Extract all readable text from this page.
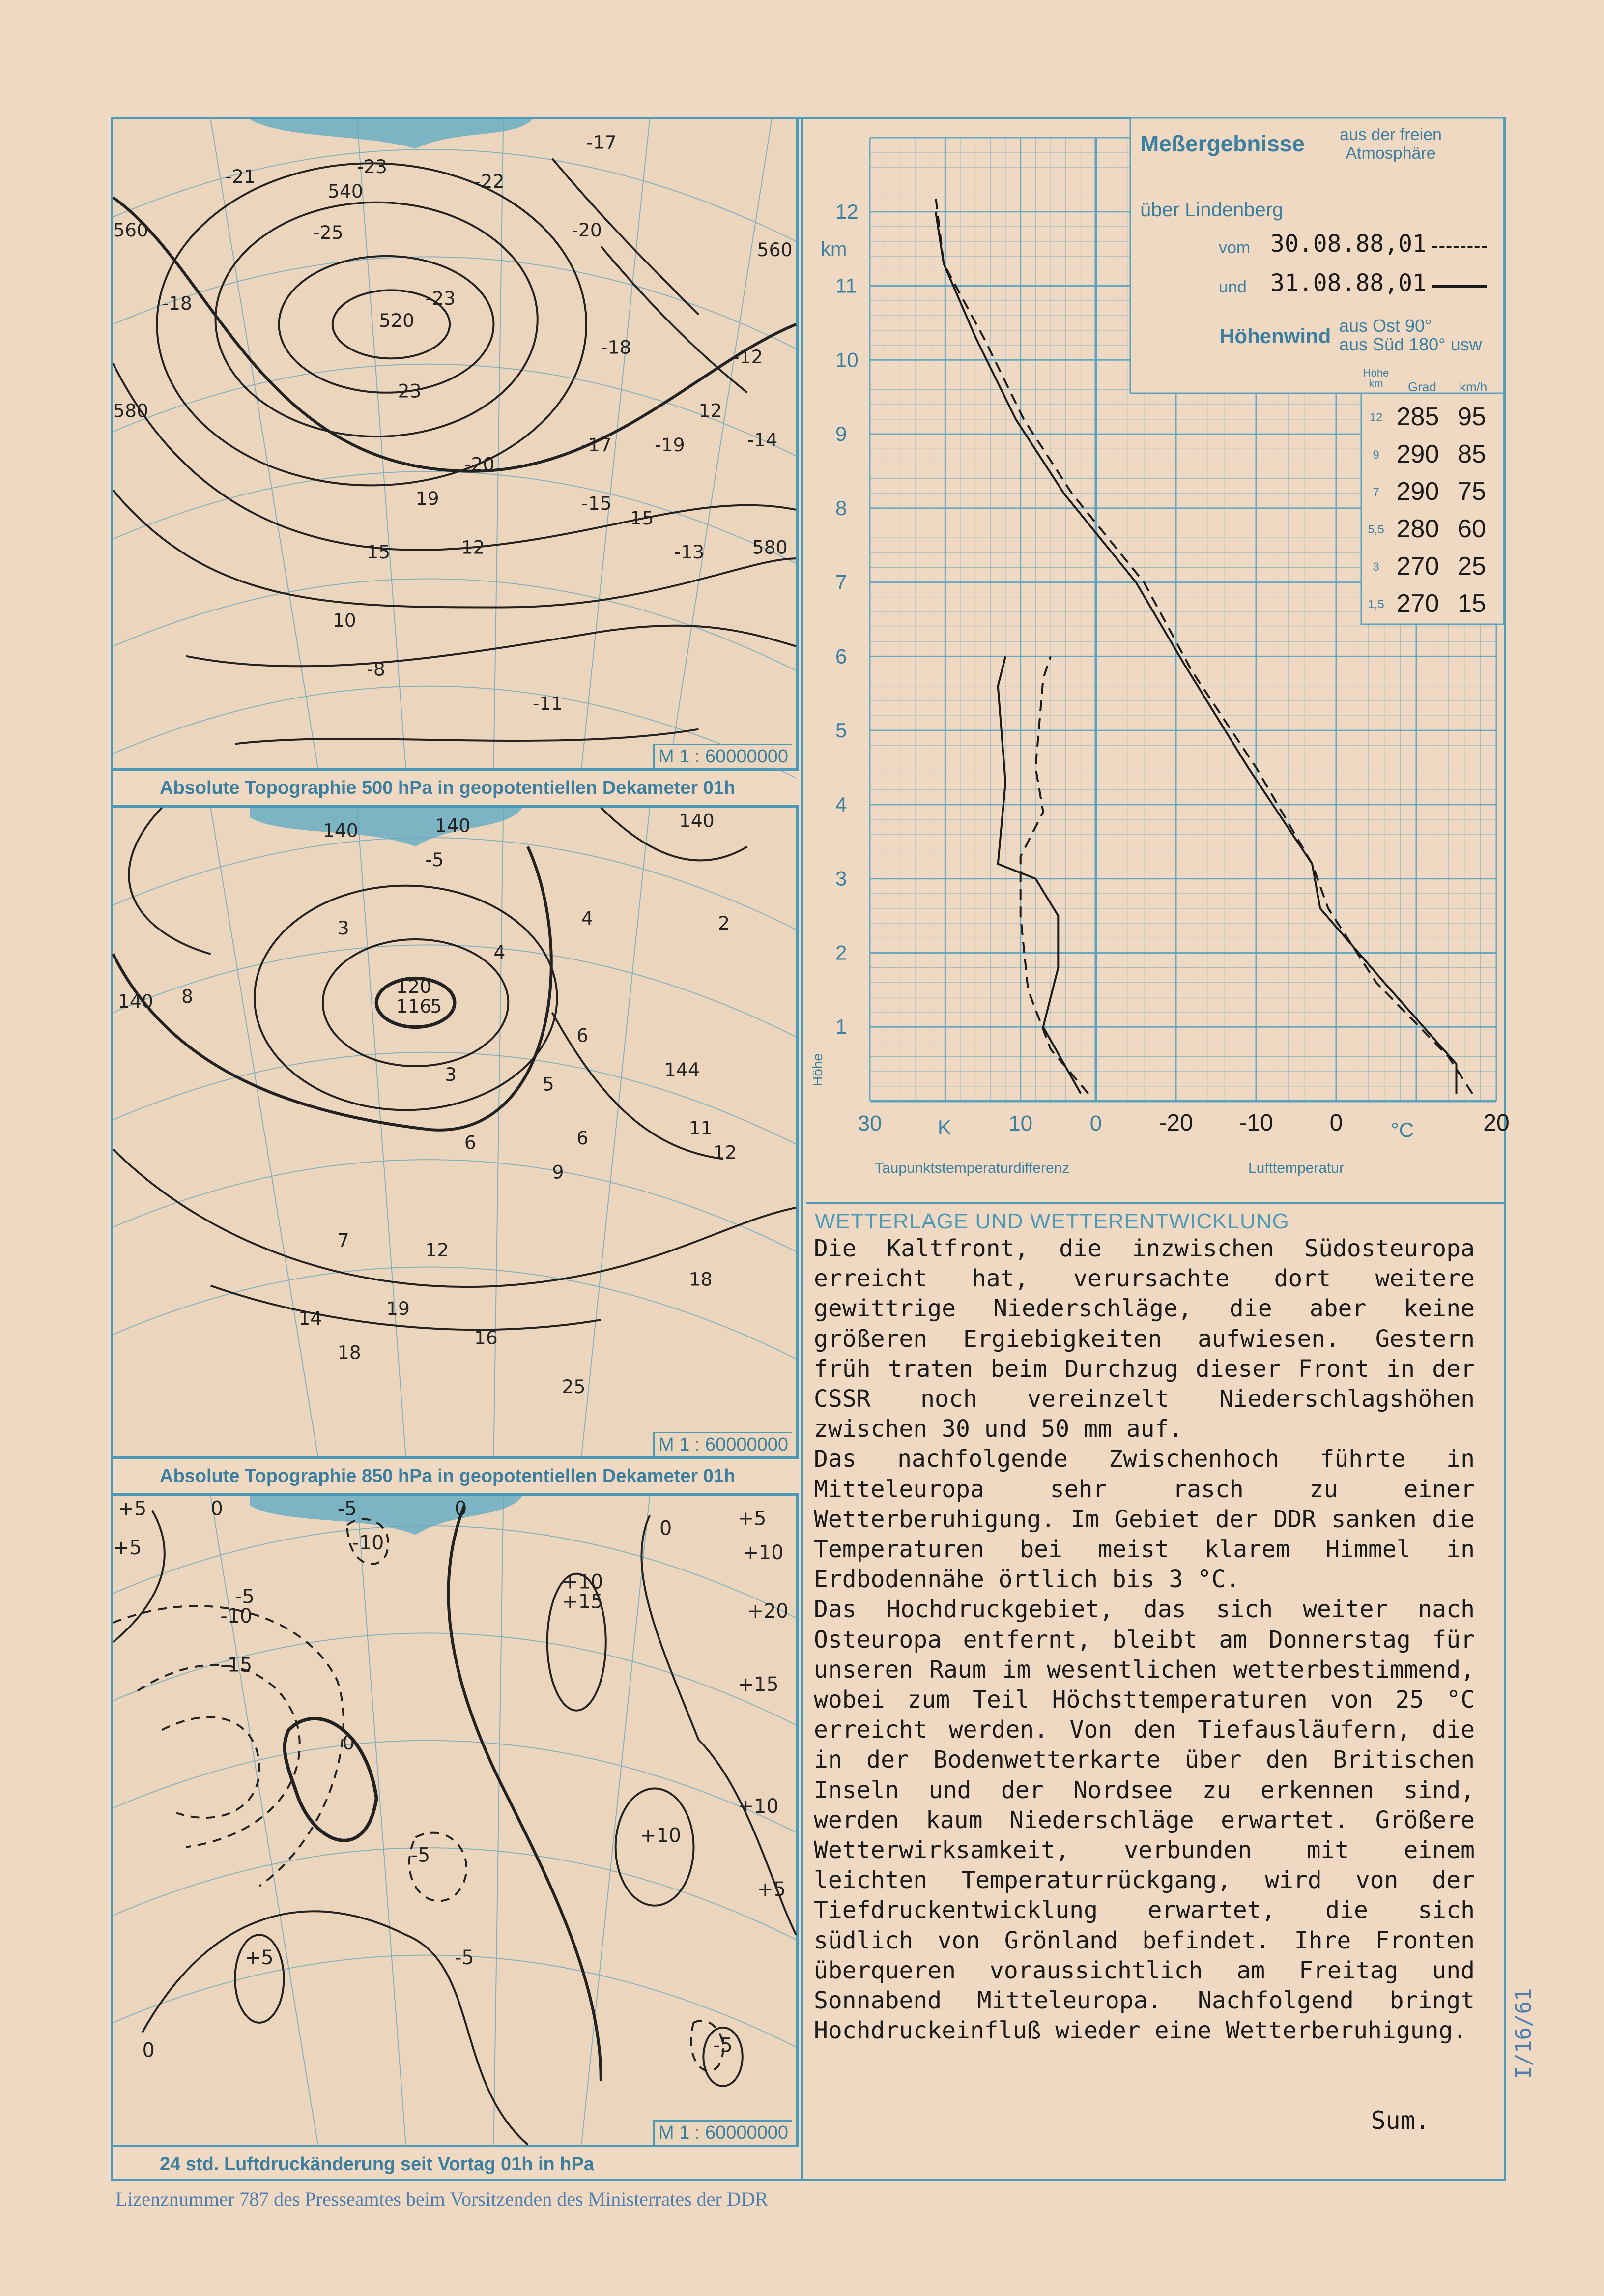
-21	-23
-22
540
-25
-17
-20
560
-18	-23
520
-18	-12
560
580
-23
-20
-17 -19
12
-14
19	-15
15
-12	-13	580
15
10
-8
-11
M 1 : 60000000
Absolute Topographie 500 hPa in geopotentiellen Dekameter 01h
140	140	140
-5
3
4
4	2
140 8	120
116
5
144
3
6
11
12
6	6
5
9
7	12
18
14	19
18
16
25
M 1 : 60000000
Absolute Topographie 850 hPa in geopotentiellen Dekameter 01h
+5	0	-5	0
0	+5
-10
+5	+10
-5
+10
-10
+15	+20
-15
0
+15
+10
-5
+10
+5
-5
+5
0	-5
M 1 : 60000000
24 std. Luftdruckänderung seit Vortag 01h in hPa
1
2
3
4
5
6
7
8
9
10
11
12
-20 -10 0	20
30	10	0
Meßergebnisse aus der freien Atmosphäre
über Lindenberg
vom 30.08.88,01
und 31.08.88,01
Höhenwind aus Ost 90°
aus Süd 180° usw
Höhe km	Grad km/h
12 285 95
9 290 85
7 290 75
5,5 280 60
3 270 25
1,5 270 15
km
Höhe
K	°C
Taupunktstemperaturdifferenz	Lufttemperatur
WETTERLAGE UND WETTERENTWICKLUNG

Die Kaltfront, die inzwischen Südosteuropa erreicht hat, verursachte dort weitere gewittrige Niederschläge, die aber keine größeren Ergiebigkeiten aufwiesen. Gestern früh traten beim Durchzug dieser Front in der CSSR noch vereinzelt Niederschlagshöhen zwischen 30 und 50 mm auf.

Das nachfolgende Zwischenhoch führte in Mitteleuropa sehr rasch zu einer Wetterberuhigung. Im Gebiet der DDR sanken die Temperaturen bei meist klarem Himmel in Erdbodennähe örtlich bis 3 °C.

Das Hochdruckgebiet, das sich weiter nach Osteuropa entfernt, bleibt am Donnerstag für unseren Raum im wesentlichen wetterbestimmend, wobei zum Teil Höchsttemperaturen von 25 °C erreicht werden. Von den Tiefausläufern, die in der Bodenwetterkarte über den Britischen Inseln und der Nordsee zu erkennen sind, werden kaum Niederschläge erwartet. Größere Wetterwirksamkeit, verbunden mit einem leichten Temperaturrückgang, wird von der Tiefdruckentwicklung erwartet, die sich südlich von Grönland befindet. Ihre Fronten überqueren voraussichtlich am Freitag und Sonnabend Mitteleuropa. Nachfolgend bringt Hochdruckeinfluß wieder eine Wetterberuhigung.

Sum.
I/16/61
Lizenznummer 787 des Presseamtes beim Vorsitzenden des Ministerrates der DDR
